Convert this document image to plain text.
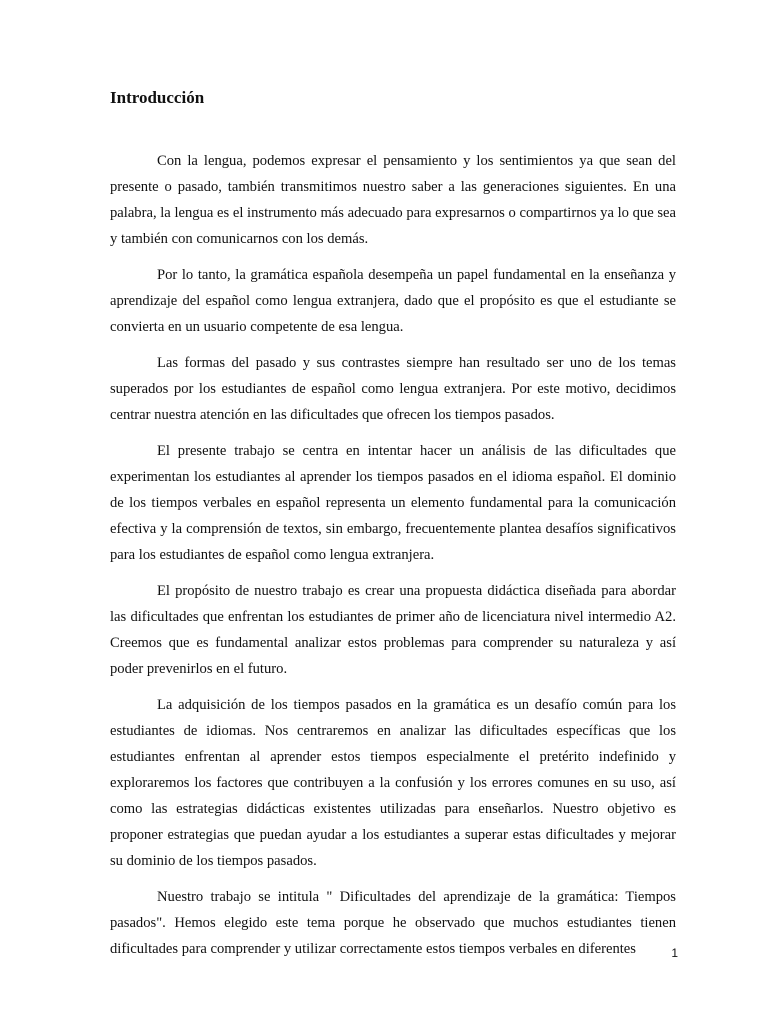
Introducción

Con la lengua, podemos expresar el pensamiento y los sentimientos ya que sean del presente o pasado, también transmitimos nuestro saber a las generaciones siguientes. En una palabra, la lengua es el instrumento más adecuado para expresarnos o compartirnos ya lo que sea y también con comunicarnos con los demás.

Por lo tanto, la gramática española desempeña un papel fundamental en la enseñanza y aprendizaje del español como lengua extranjera, dado que el propósito es que el estudiante se convierta en un usuario competente de esa lengua.

Las formas del pasado y sus contrastes siempre han resultado ser uno de los temas superados por los estudiantes de español como lengua extranjera. Por este motivo, decidimos centrar nuestra atención en las dificultades que ofrecen los tiempos pasados.

El presente trabajo se centra en intentar hacer un análisis de las dificultades que experimentan los estudiantes al aprender los tiempos pasados en el idioma español. El dominio de los tiempos verbales en español representa un elemento fundamental para la comunicación efectiva y la comprensión de textos, sin embargo, frecuentemente plantea desafíos significativos para los estudiantes de español como lengua extranjera.

El propósito de nuestro trabajo es crear una propuesta didáctica diseñada para abordar las dificultades que enfrentan los estudiantes de primer año de licenciatura nivel intermedio A2. Creemos que es fundamental analizar estos problemas para comprender su naturaleza y así poder prevenirlos en el futuro.

La adquisición de los tiempos pasados en la gramática es un desafío común para los estudiantes de idiomas. Nos centraremos en analizar las dificultades específicas que los estudiantes enfrentan al aprender estos tiempos especialmente el pretérito indefinido y exploraremos los factores que contribuyen a la confusión y los errores comunes en su uso, así como las estrategias didácticas existentes utilizadas para enseñarlos. Nuestro objetivo es proponer estrategias que puedan ayudar a los estudiantes a superar estas dificultades y mejorar su dominio de los tiempos pasados.

Nuestro trabajo se intitula " Dificultades del aprendizaje de la gramática: Tiempos pasados". Hemos elegido este tema porque he observado que muchos estudiantes tienen dificultades para comprender y utilizar correctamente estos tiempos verbales en diferentes	1
